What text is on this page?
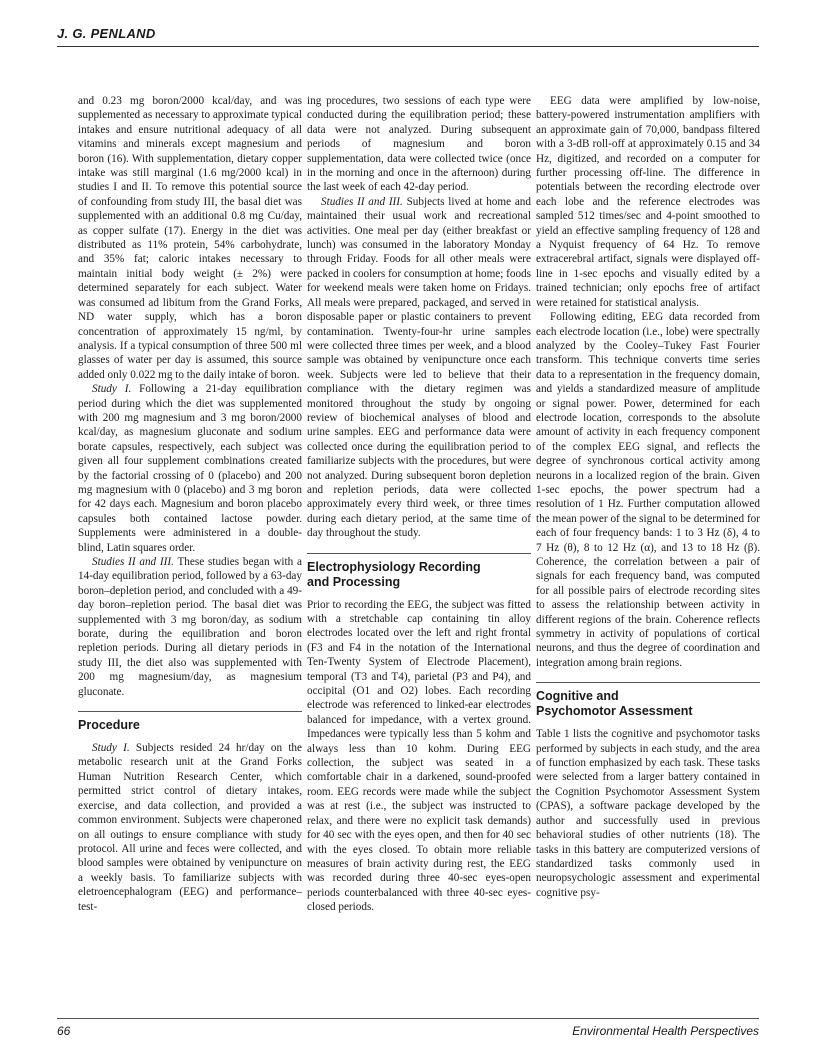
J. G. PENLAND

and 0.23 mg boron/2000 kcal/day, and was supplemented as necessary to approximate typical intakes and ensure nutritional adequacy of all vitamins and minerals except magnesium and boron (16). With supplementation, dietary copper intake was still marginal (1.6 mg/2000 kcal) in studies I and II. To remove this potential source of confounding from study III, the basal diet was supplemented with an additional 0.8 mg Cu/day, as copper sulfate (17). Energy in the diet was distributed as 11% protein, 54% carbohydrate, and 35% fat; caloric intakes necessary to maintain initial body weight (± 2%) were determined separately for each subject. Water was consumed ad libitum from the Grand Forks, ND water supply, which has a boron concentration of approximately 15 ng/ml, by analysis. If a typical consumption of three 500 ml glasses of water per day is assumed, this source added only 0.022 mg to the daily intake of boron.

Study I. Following a 21-day equilibration period during which the diet was supplemented with 200 mg magnesium and 3 mg boron/2000 kcal/day, as magnesium gluconate and sodium borate capsules, respectively, each subject was given all four supplement combinations created by the factorial crossing of 0 (placebo) and 200 mg magnesium with 0 (placebo) and 3 mg boron for 42 days each. Magnesium and boron placebo capsules both contained lactose powder. Supplements were administered in a double-blind, Latin squares order.

Studies II and III. These studies began with a 14-day equilibration period, followed by a 63-day boron–depletion period, and concluded with a 49-day boron–repletion period. The basal diet was supplemented with 3 mg boron/day, as sodium borate, during the equilibration and boron repletion periods. During all dietary periods in study III, the diet also was supplemented with 200 mg magnesium/day, as magnesium gluconate.

Procedure

Study I. Subjects resided 24 hr/day on the metabolic research unit at the Grand Forks Human Nutrition Research Center, which permitted strict control of dietary intakes, exercise, and data collection, and provided a common environment. Subjects were chaperoned on all outings to ensure compliance with study protocol. All urine and feces were collected, and blood samples were obtained by venipuncture on a weekly basis. To familiarize subjects with eletroencephalogram (EEG) and performance–test-

ing procedures, two sessions of each type were conducted during the equilibration period; these data were not analyzed. During subsequent periods of magnesium and boron supplementation, data were collected twice (once in the morning and once in the afternoon) during the last week of each 42-day period.

Studies II and III. Subjects lived at home and maintained their usual work and recreational activities. One meal per day (either breakfast or lunch) was consumed in the laboratory Monday through Friday. Foods for all other meals were packed in coolers for consumption at home; foods for weekend meals were taken home on Fridays. All meals were prepared, packaged, and served in disposable paper or plastic containers to prevent contamination. Twenty-four-hr urine samples were collected three times per week, and a blood sample was obtained by venipuncture once each week. Subjects were led to believe that their compliance with the dietary regimen was monitored throughout the study by ongoing review of biochemical analyses of blood and urine samples. EEG and performance data were collected once during the equilibration period to familiarize subjects with the procedures, but were not analyzed. During subsequent boron depletion and repletion periods, data were collected approximately every third week, or three times during each dietary period, at the same time of day throughout the study.

Electrophysiology Recording
and Processing

Prior to recording the EEG, the subject was fitted with a stretchable cap containing tin alloy electrodes located over the left and right frontal (F3 and F4 in the notation of the International Ten-Twenty System of Electrode Placement), temporal (T3 and T4), parietal (P3 and P4), and occipital (O1 and O2) lobes. Each recording electrode was referenced to linked-ear electrodes balanced for impedance, with a vertex ground. Impedances were typically less than 5 kohm and always less than 10 kohm. During EEG collection, the subject was seated in a comfortable chair in a darkened, sound-proofed room. EEG records were made while the subject was at rest (i.e., the subject was instructed to relax, and there were no explicit task demands) for 40 sec with the eyes open, and then for 40 sec with the eyes closed. To obtain more reliable measures of brain activity during rest, the EEG was recorded during three 40-sec eyes-open periods counterbalanced with three 40-sec eyes-closed periods.

EEG data were amplified by low-noise, battery-powered instrumentation amplifiers with an approximate gain of 70,000, bandpass filtered with a 3-dB roll-off at approximately 0.15 and 34 Hz, digitized, and recorded on a computer for further processing off-line. The difference in potentials between the recording electrode over each lobe and the reference electrodes was sampled 512 times/sec and 4-point smoothed to yield an effective sampling frequency of 128 and a Nyquist frequency of 64 Hz. To remove extracerebral artifact, signals were displayed off-line in 1-sec epochs and visually edited by a trained technician; only epochs free of artifact were retained for statistical analysis.

Following editing, EEG data recorded from each electrode location (i.e., lobe) were spectrally analyzed by the Cooley–Tukey Fast Fourier transform. This technique converts time series data to a representation in the frequency domain, and yields a standardized measure of amplitude or signal power. Power, determined for each electrode location, corresponds to the absolute amount of activity in each frequency component of the complex EEG signal, and reflects the degree of synchronous cortical activity among neurons in a localized region of the brain. Given 1-sec epochs, the power spectrum had a resolution of 1 Hz. Further computation allowed the mean power of the signal to be determined for each of four frequency bands: 1 to 3 Hz (δ), 4 to 7 Hz (θ), 8 to 12 Hz (α), and 13 to 18 Hz (β). Coherence, the correlation between a pair of signals for each frequency band, was computed for all possible pairs of electrode recording sites to assess the relationship between activity in different regions of the brain. Coherence reflects symmetry in activity of populations of cortical neurons, and thus the degree of coordination and integration among brain regions.

Cognitive and
Psychomotor Assessment

Table 1 lists the cognitive and psychomotor tasks performed by subjects in each study, and the area of function emphasized by each task. These tasks were selected from a larger battery contained in the Cognition Psychomotor Assessment System (CPAS), a software package developed by the author and successfully used in previous behavioral studies of other nutrients (18). The tasks in this battery are computerized versions of standardized tasks commonly used in neuropsychologic assessment and experimental cognitive psy-

66	Environmental Health Perspectives
